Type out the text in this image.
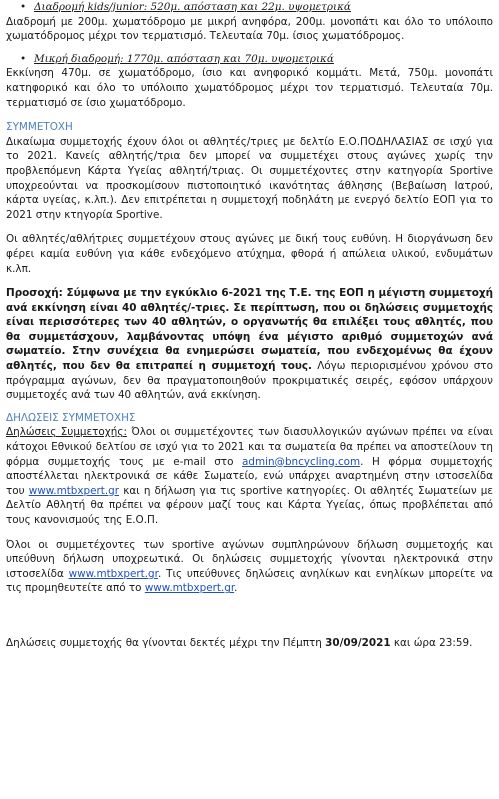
• Διαδρομή kids/junior: 520μ. απόσταση και 22μ. υψομετρικά

Διαδρομή με 200μ. χωματόδρομο με μικρή ανηφόρα, 200μ. μονοπάτι και όλο το υπόλοιπο χωματόδρομος μέχρι τον τερματισμό. Τελευταία 70μ. ίσιος χωματόδρομος.

• Μικρή διαδρομή: 1770μ. απόσταση και 70μ. υψομετρικά

Εκκίνηση 470μ. σε χωματόδρομο, ίσιο και ανηφορικό κομμάτι. Μετά, 750μ. μονοπάτι κατηφορικό και όλο το υπόλοιπο χωματόδρομος μέχρι τον τερματισμό. Τελευταία 70μ. τερματισμό σε ίσιο χωματόδρομο.

ΣΥΜΜΕΤΟΧΗ

Δικαίωμα συμμετοχής έχουν όλοι οι αθλητές/τριες με δελτίο Ε.Ο.ΠΟΔΗΛΑΣΙΑΣ σε ισχύ για το 2021. Κανείς αθλητής/τρια δεν μπορεί να συμμετέχει στους αγώνες χωρίς την προβλεπόμενη Κάρτα Υγείας αθλητή/τριας. Οι συμμετέχοντες στην κατηγορία Sportive υποχρεούνται να προσκομίσουν πιστοποιητικό ικανότητας άθλησης (Βεβαίωση Ιατρού, κάρτα υγείας, κ.λπ.). Δεν επιτρέπεται η συμμετοχή ποδηλάτη με ενεργό δελτίο ΕΟΠ για το 2021 στην κτηγορία Sportive.

Οι αθλητές/αθλήτριες συμμετέχουν στους αγώνες με δική τους ευθύνη. Η διοργάνωση δεν φέρει καμία ευθύνη για κάθε ενδεχόμενο ατύχημα, φθορά ή απώλεια υλικού, ενδυμάτων κ.λπ.

Προσοχή: Σύμφωνα με την εγκύκλιο 6-2021 της Τ.Ε. της ΕΟΠ η μέγιστη συμμετοχή ανά εκκίνηση είναι 40 αθλητές/-τριες. Σε περίπτωση, που οι δηλώσεις συμμετοχής είναι περισσότερες των 40 αθλητών, ο οργανωτής θα επιλέξει τους αθλητές, που θα συμμετάσχουν, λαμβάνοντας υπόψη ένα μέγιστο αριθμό συμμετοχών ανά σωματείο. Στην συνέχεια θα ενημερώσει σωματεία, που ενδεχομένως θα έχουν αθλητές, που δεν θα επιτραπεί η συμμετοχή τους. Λόγω περιορισμένου χρόνου στο πρόγραμμα αγώνων, δεν θα πραγματοποιηθούν προκριματικές σειρές, εφόσον υπάρχουν συμμετοχές ανά των 40 αθλητών, ανά εκκίνηση.

ΔΗΛΩΣΕΙΣ ΣΥΜΜΕΤΟΧΗΣ

Δηλώσεις Συμμετοχής: Όλοι οι συμμετέχοντες των διασυλλογικών αγώνων πρέπει να είναι κάτοχοι Εθνικού δελτίου σε ισχύ για το 2021 και τα σωματεία θα πρέπει να αποστείλουν τη φόρμα συμμετοχής τους με e-mail στο admin@bncycling.com. Η φόρμα συμμετοχής αποστέλλεται ηλεκτρονικά σε κάθε Σωματείο, ενώ υπάρχει αναρτημένη στην ιστοσελίδα του www.mtbxpert.gr και η δήλωση για τις sportive κατηγορίες. Οι αθλητές Σωματείων με Δελτίο Αθλητή θα πρέπει να φέρουν μαζί τους και Κάρτα Υγείας, όπως προβλέπεται από τους κανονισμούς της Ε.Ο.Π.

Όλοι οι συμμετέχοντες των sportive αγώνων συμπληρώνουν δήλωση συμμετοχής και υπεύθυνη δήλωση υποχρεωτικά. Οι δηλώσεις συμμετοχής γίνονται ηλεκτρονικά στην ιστοσελίδα www.mtbxpert.gr. Τις υπεύθυνες δηλώσεις ανηλίκων και ενηλίκων μπορείτε να τις προμηθευτείτε από το www.mtbxpert.gr.

Δηλώσεις συμμετοχής θα γίνονται δεκτές μέχρι την Πέμπτη 30/09/2021 και ώρα 23:59.
